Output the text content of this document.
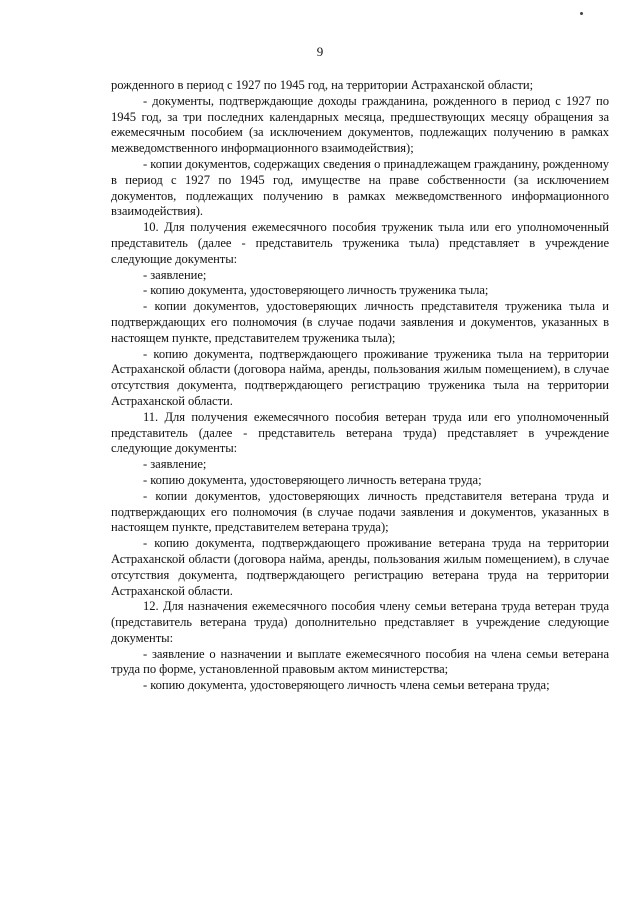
9

рожденного в период с 1927 по 1945 год, на территории Астраханской области;

- документы, подтверждающие доходы гражданина, рожденного в период с 1927 по 1945 год, за три последних календарных месяца, предшествующих месяцу обращения за ежемесячным пособием (за исключением документов, подлежащих получению в рамках межведомственного информационного взаимодействия);

- копии документов, содержащих сведения о принадлежащем гражданину, рожденному в период с 1927 по 1945 год, имуществе на праве собственности (за исключением документов, подлежащих получению в рамках межведомственного информационного взаимодействия).

10. Для получения ежемесячного пособия труженик тыла или его уполномоченный представитель (далее - представитель труженика тыла) представляет в учреждение следующие документы:

- заявление;

- копию документа, удостоверяющего личность труженика тыла;

- копии документов, удостоверяющих личность представителя труженика тыла и подтверждающих его полномочия (в случае подачи заявления и документов, указанных в настоящем пункте, представителем труженика тыла);

- копию документа, подтверждающего проживание труженика тыла на территории Астраханской области (договора найма, аренды, пользования жилым помещением), в случае отсутствия документа, подтверждающего регистрацию труженика тыла на территории Астраханской области.

11. Для получения ежемесячного пособия ветеран труда или его уполномоченный представитель (далее - представитель ветерана труда) представляет в учреждение следующие документы:

- заявление;

- копию документа, удостоверяющего личность ветерана труда;

- копии документов, удостоверяющих личность представителя ветерана труда и подтверждающих его полномочия (в случае подачи заявления и документов, указанных в настоящем пункте, представителем ветерана труда);

- копию документа, подтверждающего проживание ветерана труда на территории Астраханской области (договора найма, аренды, пользования жилым помещением), в случае отсутствия документа, подтверждающего регистрацию ветерана труда на территории Астраханской области.

12. Для назначения ежемесячного пособия члену семьи ветерана труда ветеран труда (представитель ветерана труда) дополнительно представляет в учреждение следующие документы:

- заявление о назначении и выплате ежемесячного пособия на члена семьи ветерана труда по форме, установленной правовым актом министерства;

- копию документа, удостоверяющего личность члена семьи ветерана труда;
